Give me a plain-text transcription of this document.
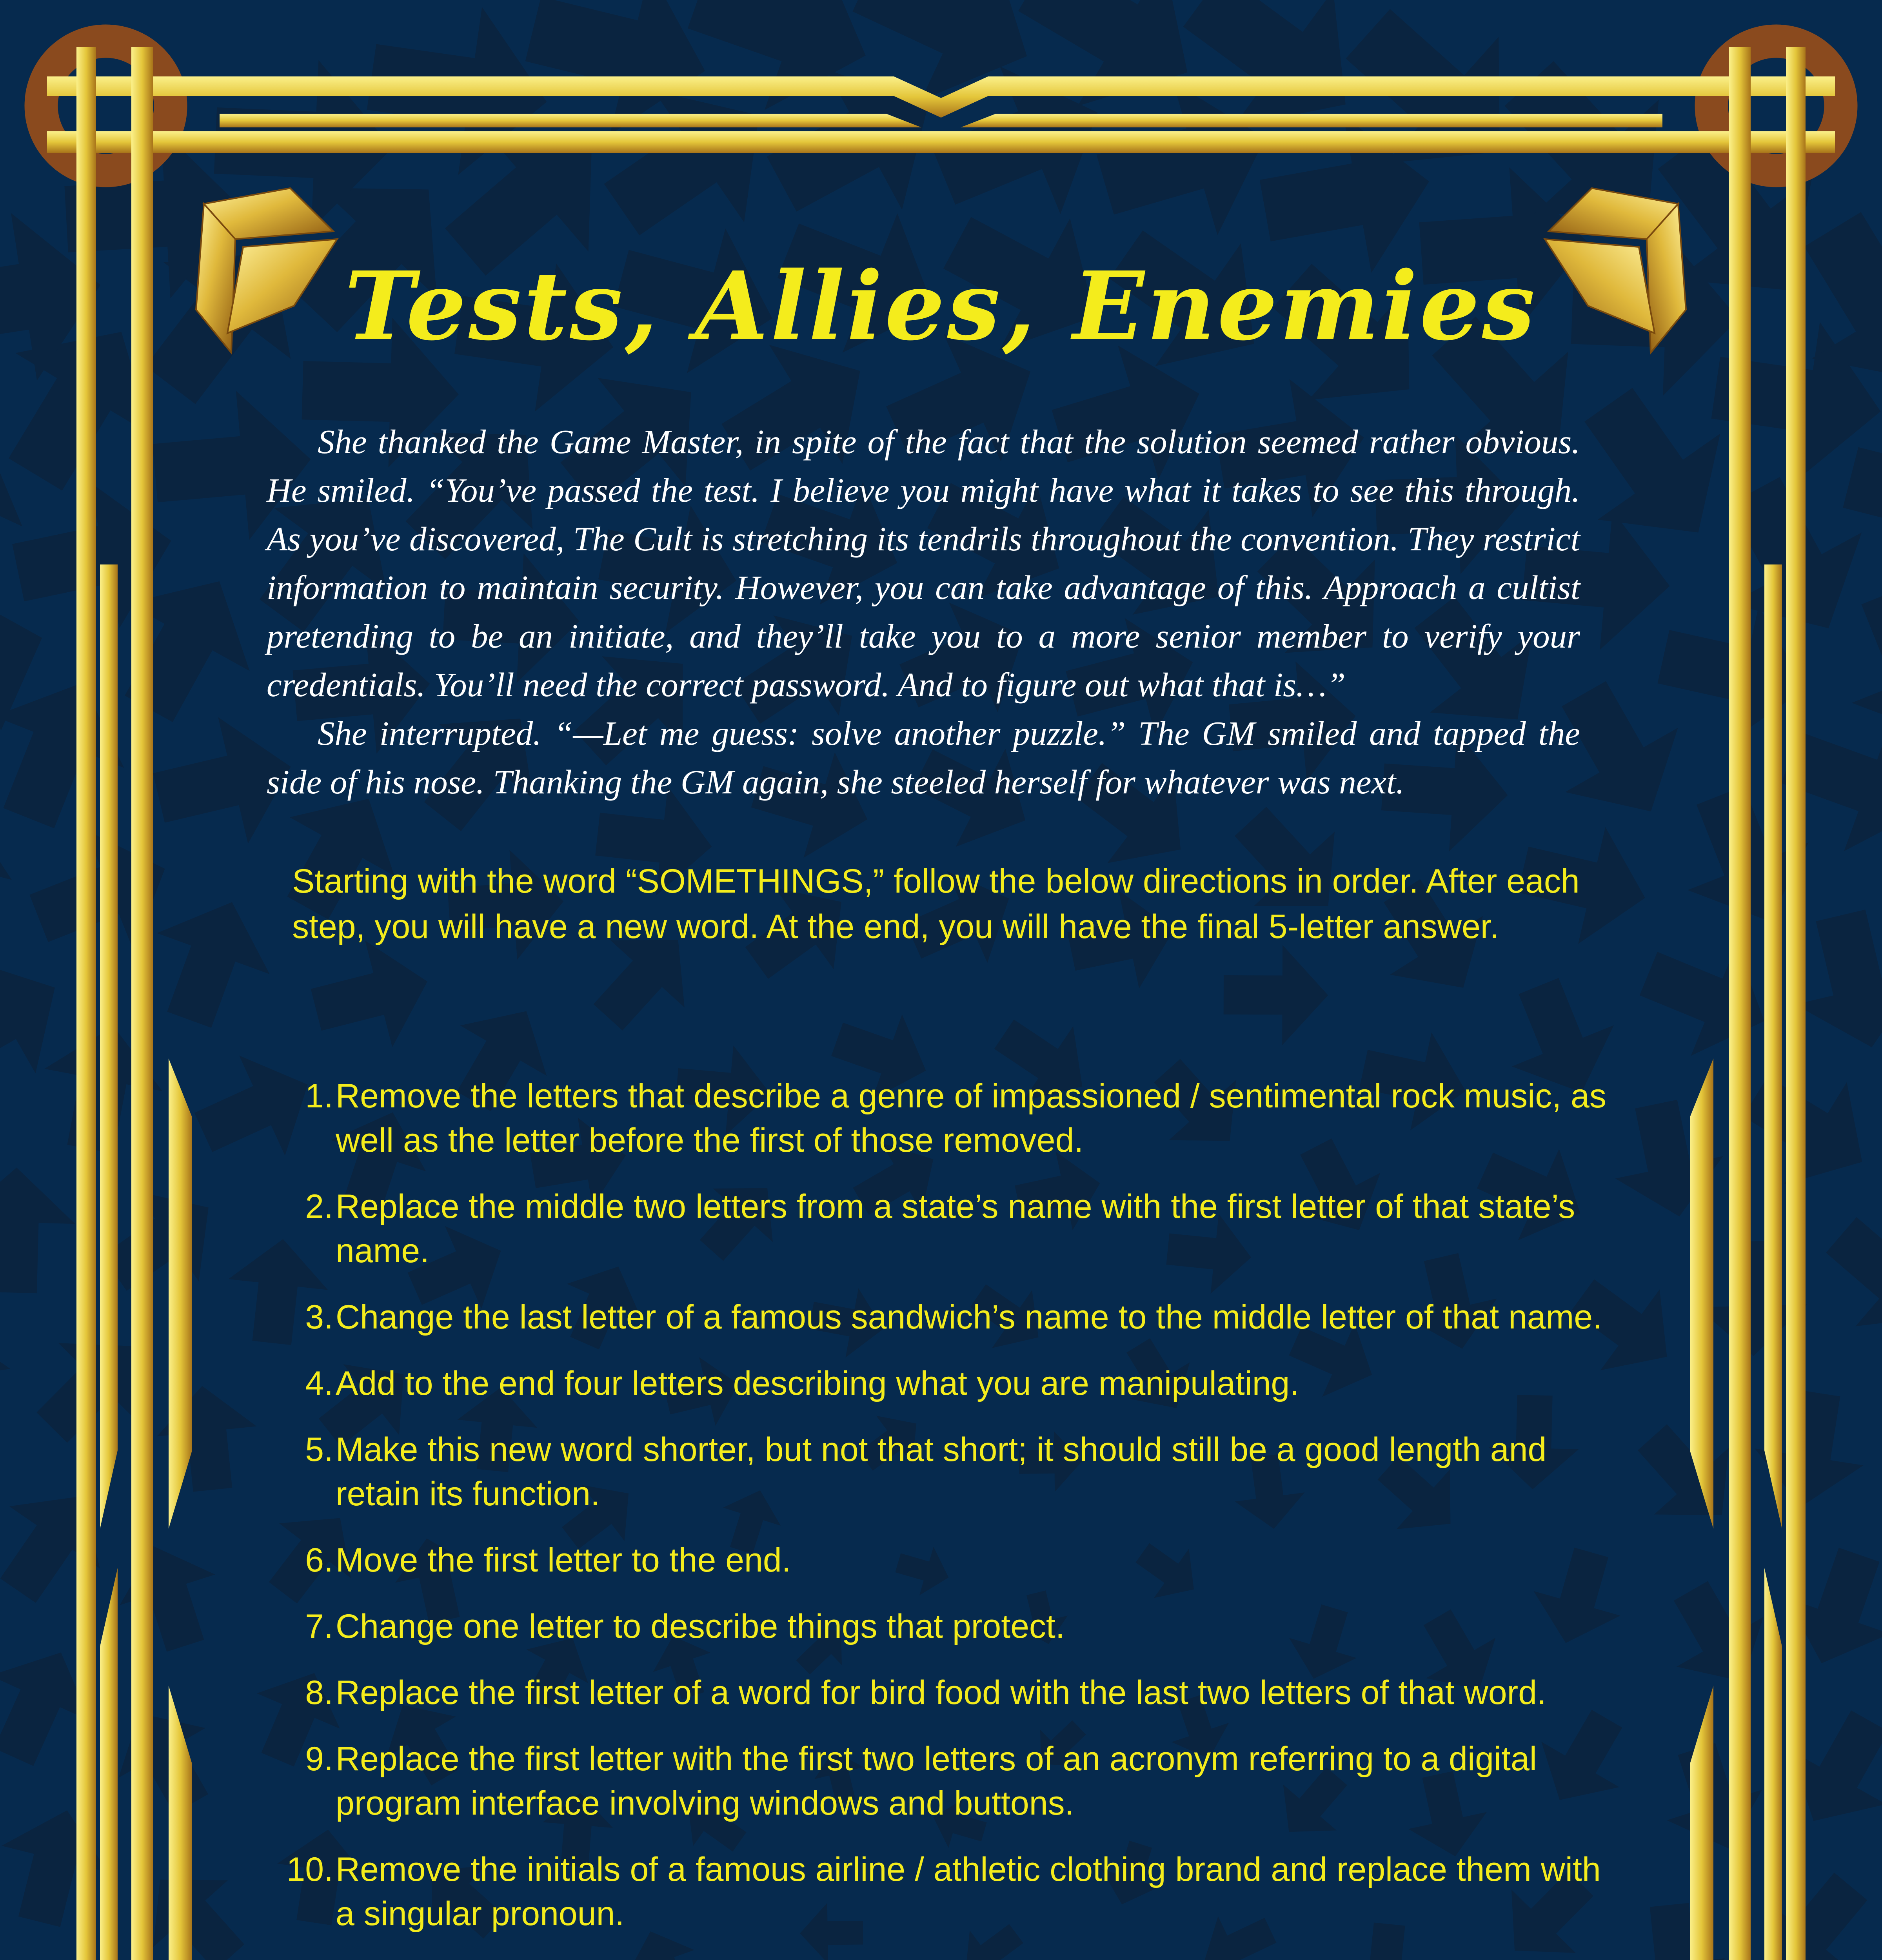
Tests, Allies, Enemies

She thanked the Game Master, in spite of the fact that the solution seemed rather obvious. He smiled. “You’ve passed the test. I believe you might have what it takes to see this through. As you’ve discovered, The Cult is stretching its tendrils throughout the convention. They restrict information to maintain security. However, you can take advantage of this. Approach a cultist pretending to be an initiate, and they’ll take you to a more senior member to verify your credentials. You’ll need the correct password. And to figure out what that is…”

She interrupted. “—Let me guess: solve another puzzle.” The GM smiled and tapped the side of his nose. Thanking the GM again, she steeled herself for whatever was next.

Starting with the word “SOMETHINGS,” follow the below directions in order. After each step, you will have a new word. At the end, you will have the final 5-letter answer.
1. Remove the letters that describe a genre of impassioned / sentimental rock music, as well as the letter before the first of those removed.
2. Replace the middle two letters from a state’s name with the first letter of that state’s name.
3. Change the last letter of a famous sandwich’s name to the middle letter of that name.
4. Add to the end four letters describing what you are manipulating.
5. Make this new word shorter, but not that short; it should still be a good length and retain its function.
6. Move the first letter to the end.
7. Change one letter to describe things that protect.
8. Replace the first letter of a word for bird food with the last two letters of that word.
9. Replace the first letter with the first two letters of an acronym referring to a digital program interface involving windows and buttons.
10. Remove the initials of a famous airline / athletic clothing brand and replace them with a singular pronoun.
